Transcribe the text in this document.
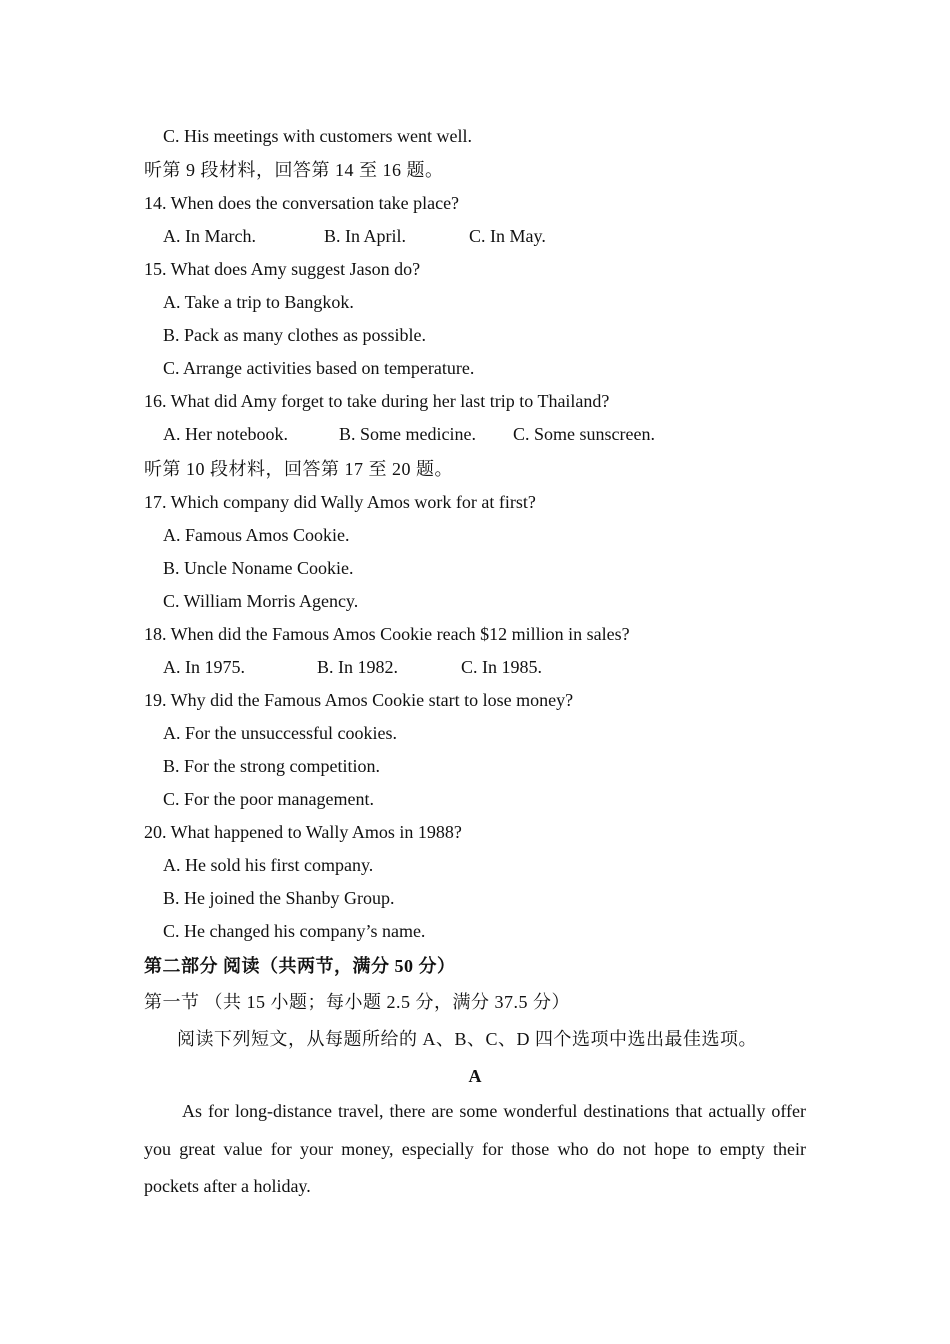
C. His meetings with customers went well.
听第 9 段材料，回答第 14 至 16 题。
14. When does the conversation take place?
A. In March.	B. In April.	C. In May.
15. What does Amy suggest Jason do?
A. Take a trip to Bangkok.
B. Pack as many clothes as possible.
C. Arrange activities based on temperature.
16. What did Amy forget to take during her last trip to Thailand?
A. Her notebook.	B. Some medicine. C. Some sunscreen.
听第 10 段材料，回答第 17 至 20 题。
17. Which company did Wally Amos work for at first?
A. Famous Amos Cookie.
B. Uncle Noname Cookie.
C. William Morris Agency.
18. When did the Famous Amos Cookie reach $12 million in sales?
A. In 1975.	B. In 1982.	C. In 1985.
19. Why did the Famous Amos Cookie start to lose money?
A. For the unsuccessful cookies.
B. For the strong competition.
C. For the poor management.
20. What happened to Wally Amos in 1988?
A. He sold his first company.
B. He joined the Shanby Group.
C. He changed his company’s name.
第二部分 阅读（共两节，满分 50 分）
第一节 （共 15 小题；每小题 2.5 分，满分 37.5 分）
阅读下列短文，从每题所给的 A、B、C、D 四个选项中选出最佳选项。
A
As for long-distance travel, there are some wonderful destinations that actually offer you great value for your money, especially for those who do not hope to empty their pockets after a holiday.
